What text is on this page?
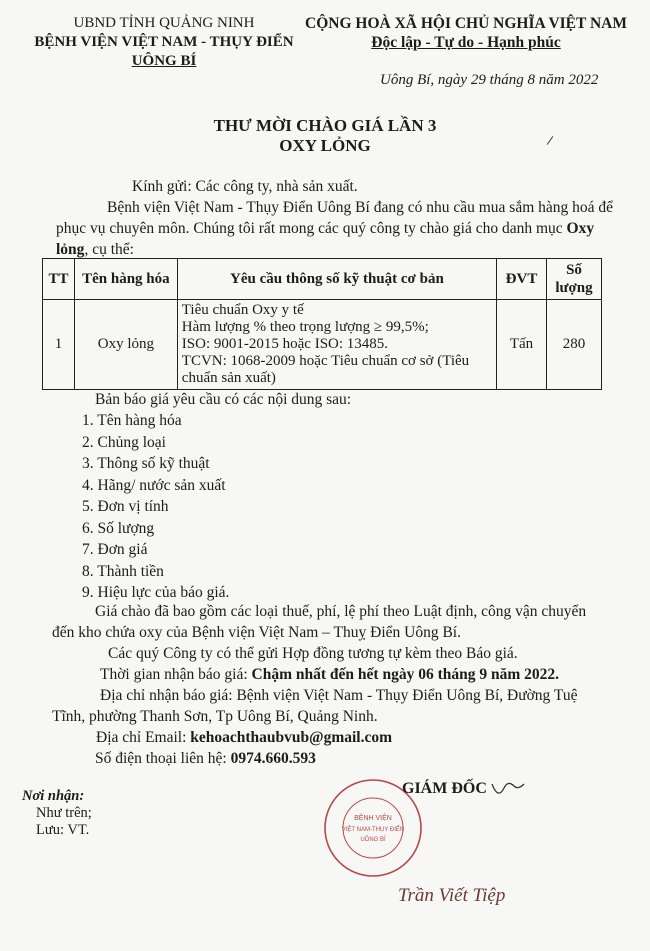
UBND TỈNH QUẢNG NINH
BỆNH VIỆN VIỆT NAM - THỤY ĐIỂN
UÔNG BÍ
CỘNG HOÀ XÃ HỘI CHỦ NGHĨA VIỆT NAM
Độc lập - Tự do - Hạnh phúc
Uông Bí, ngày 29 tháng 8 năm 2022
THƯ MỜI CHÀO GIÁ LẦN 3
OXY LỎNG
Kính gửi: Các công ty, nhà sản xuất.
Bệnh viện Việt Nam - Thụy Điển Uông Bí đang có nhu cầu mua sắm hàng hoá để
phục vụ chuyên môn. Chúng tôi rất mong các quý công ty chào giá cho danh mục Oxy
lỏng, cụ thể:
TT	Tên hàng hóa	Yêu cầu thông số kỹ thuật cơ bản	ĐVT	Số
lượng

1	Oxy lỏng	Tiêu chuẩn Oxy y tế
Hàm lượng % theo trọng lượng ≥ 99,5%;
ISO: 9001-2015 hoặc ISO: 13485.
TCVN: 1068-2009 hoặc Tiêu chuẩn cơ sở (Tiêu
chuẩn sản xuất)	Tấn	280
Bản báo giá yêu cầu có các nội dung sau:
1. Tên hàng hóa
2. Chủng loại
3. Thông số kỹ thuật
4. Hãng/ nước sản xuất
5. Đơn vị tính
6. Số lượng
7. Đơn giá
8. Thành tiền
9. Hiệu lực của báo giá.
Giá chào đã bao gồm các loại thuế, phí, lệ phí theo Luật định, công vận chuyển
đến kho chứa oxy của Bệnh viện Việt Nam – Thuỵ Điển Uông Bí.
Các quý Công ty có thể gửi Hợp đồng tương tự kèm theo Báo giá.
Thời gian nhận báo giá: Chậm nhất đến hết ngày 06 tháng 9 năm 2022.
Địa chỉ nhận báo giá: Bệnh viện Việt Nam - Thụy Điển Uông Bí, Đường Tuệ
Tĩnh, phường Thanh Sơn, Tp Uông Bí, Quảng Ninh.
Địa chỉ Email: kehoachthaubvub@gmail.com
Số điện thoại liên hệ: 0974.660.593
Nơi nhận:
Như trên;
Lưu: VT.
BỆNH VIỆN
VIỆT NAM-THỤY ĐIỂN
UÔNG BÍ
GIÁM ĐỐC
Trần Viết Tiệp
